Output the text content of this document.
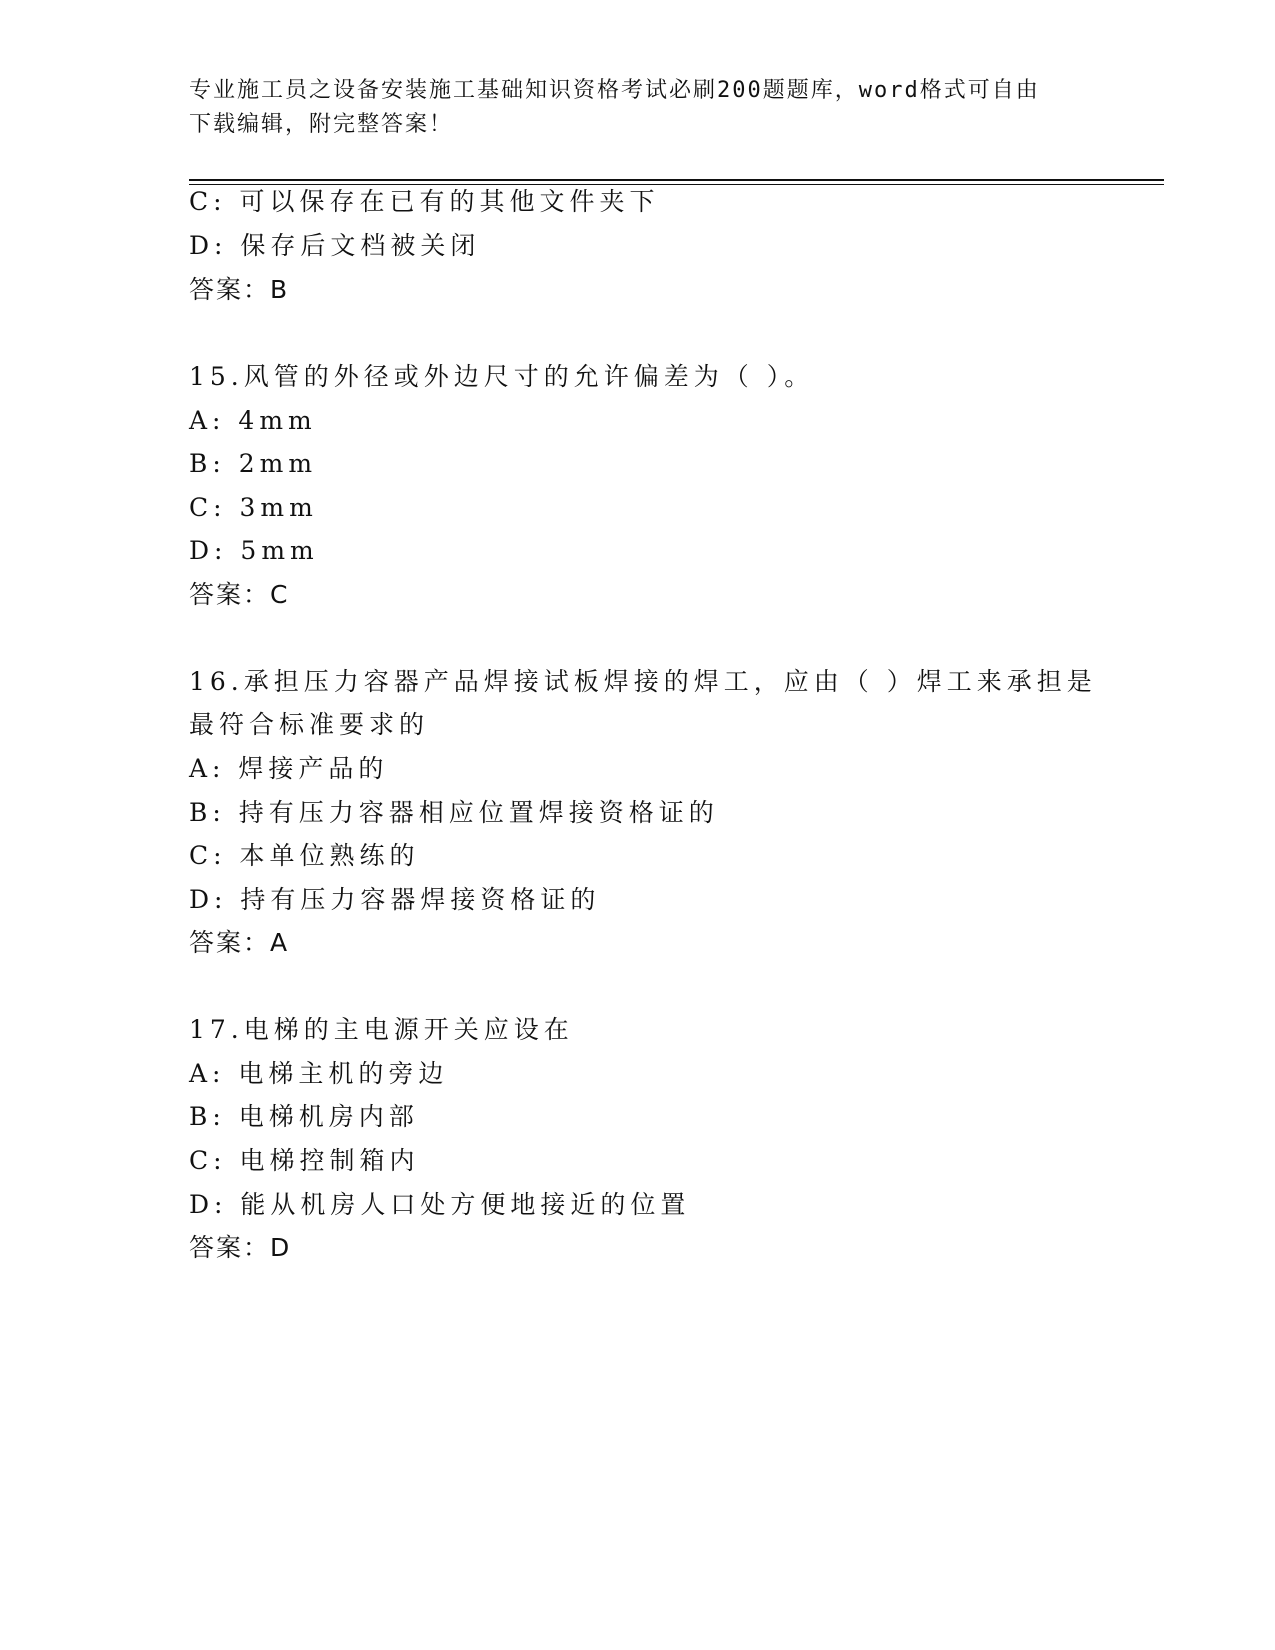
专业施工员之设备安装施工基础知识资格考试必刷200题题库，word格式可自由
下载编辑，附完整答案！
C: 可以保存在已有的其他文件夹下
D: 保存后文档被关闭
答案：B
15.风管的外径或外边尺寸的允许偏差为（ ）。
A: 4mm
B: 2mm
C: 3mm
D: 5mm
答案：C
16.承担压力容器产品焊接试板焊接的焊工，应由（ ）焊工来承担是
最符合标准要求的
A: 焊接产品的
B: 持有压力容器相应位置焊接资格证的
C: 本单位熟练的
D: 持有压力容器焊接资格证的
答案：A
17.电梯的主电源开关应设在
A: 电梯主机的旁边
B: 电梯机房内部
C: 电梯控制箱内
D: 能从机房人口处方便地接近的位置
答案：D
